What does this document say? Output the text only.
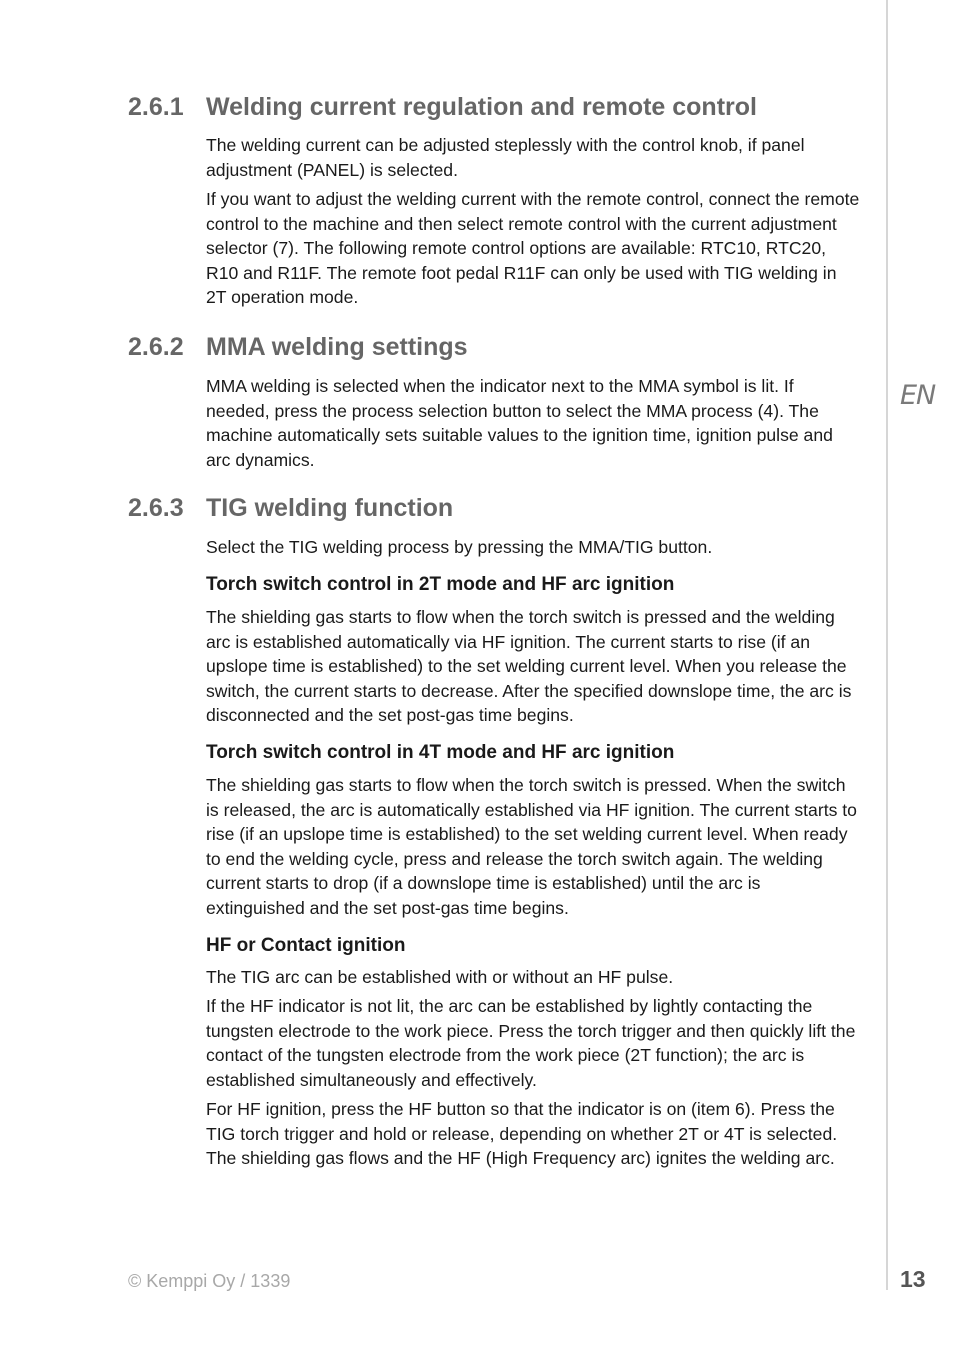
EN
2.6.1 Welding current regulation and remote control

The welding current can be adjusted steplessly with the control knob, if panel adjustment (PANEL) is selected.

If you want to adjust the welding current with the remote control, connect the remote control to the machine and then select remote control with the current adjustment selector (7). The following remote control options are available: RTC10, RTC20, R10 and R11F. The remote foot pedal R11F can only be used with TIG welding in 2T operation mode.

2.6.2 MMA welding settings

MMA welding is selected when the indicator next to the MMA symbol is lit. If needed, press the process selection button to select the MMA process (4). The machine automatically sets suitable values to the ignition time, ignition pulse and arc dynamics.

2.6.3 TIG welding function

Select the TIG welding process by pressing the MMA/TIG button.

Torch switch control in 2T mode and HF arc ignition

The shielding gas starts to flow when the torch switch is pressed and the welding arc is established automatically via HF ignition. The current starts to rise (if an upslope time is established) to the set welding current level. When you release the switch, the current starts to decrease. After the specified downslope time, the arc is disconnected and the set post-gas time begins.

Torch switch control in 4T mode and HF arc ignition

The shielding gas starts to flow when the torch switch is pressed. When the switch is released, the arc is automatically established via HF ignition. The current starts to rise (if an upslope time is established) to the set welding current level. When ready to end the welding cycle, press and release the torch switch again. The welding current starts to drop (if a downslope time is established) until the arc is extinguished and the set post-gas time begins.

HF or Contact ignition

The TIG arc can be established with or without an HF pulse.

If the HF indicator is not lit, the arc can be established by lightly contacting the tungsten electrode to the work piece. Press the torch trigger and then quickly lift the contact of the tungsten electrode from the work piece (2T function); the arc is established simultaneously and effectively.

For HF ignition, press the HF button so that the indicator is on (item 6). Press the TIG torch trigger and hold or release, depending on whether 2T or 4T is selected. The shielding gas flows and the HF (High Frequency arc) ignites the welding arc.

© Kemppi Oy / 1339	13
